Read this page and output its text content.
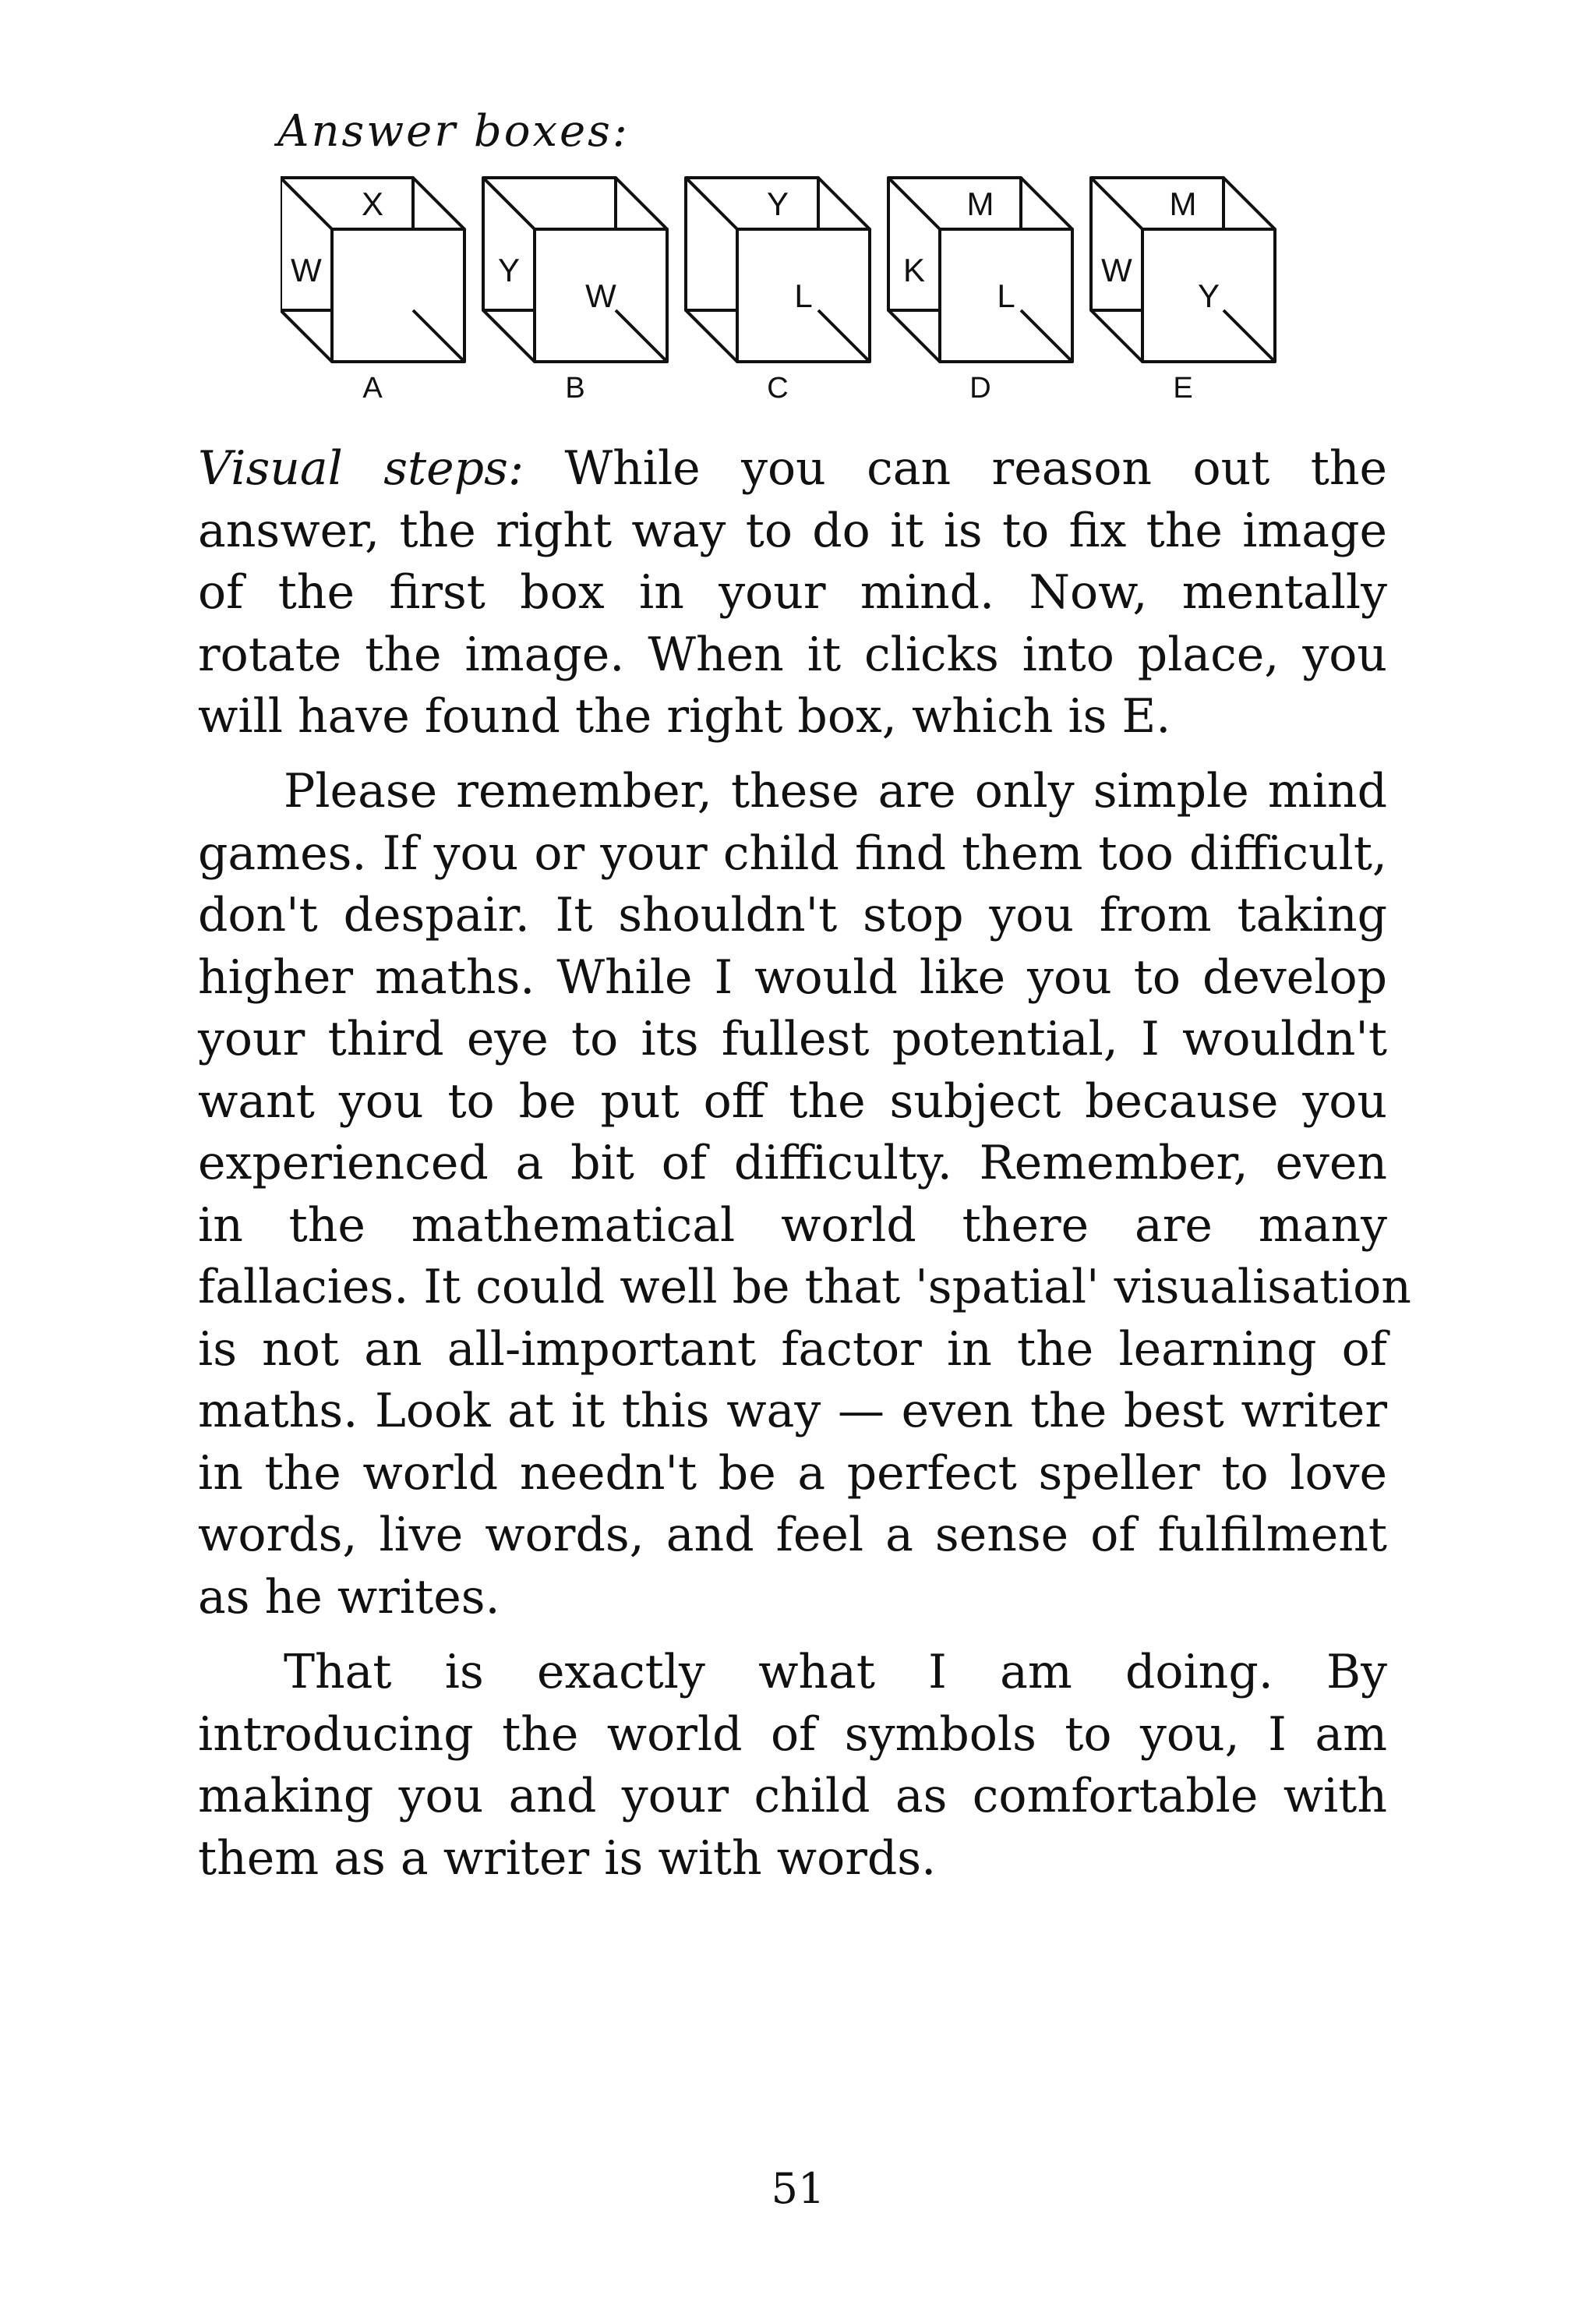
Answer boxes:
X
W
A
Y
W
B
Y
L
C
M
K
L
D
M
W
Y
E
Visual steps: While you can reason out the
answer, the right way to do it is to fix the image
of the first box in your mind. Now, mentally
rotate the image. When it clicks into place, you
will have found the right box, which is E.
Please remember, these are only simple mind
games. If you or your child find them too difficult,
don't despair. It shouldn't stop you from taking
higher maths. While I would like you to develop
your third eye to its fullest potential, I wouldn't
want you to be put off the subject because you
experienced a bit of difficulty. Remember, even
in the mathematical world there are many
fallacies. It could well be that 'spatial' visualisation
is not an all-important factor in the learning of
maths. Look at it this way — even the best writer
in the world needn't be a perfect speller to love
words, live words, and feel a sense of fulfilment
as he writes.
That is exactly what I am doing. By
introducing the world of symbols to you, I am
making you and your child as comfortable with
them as a writer is with words.
51
